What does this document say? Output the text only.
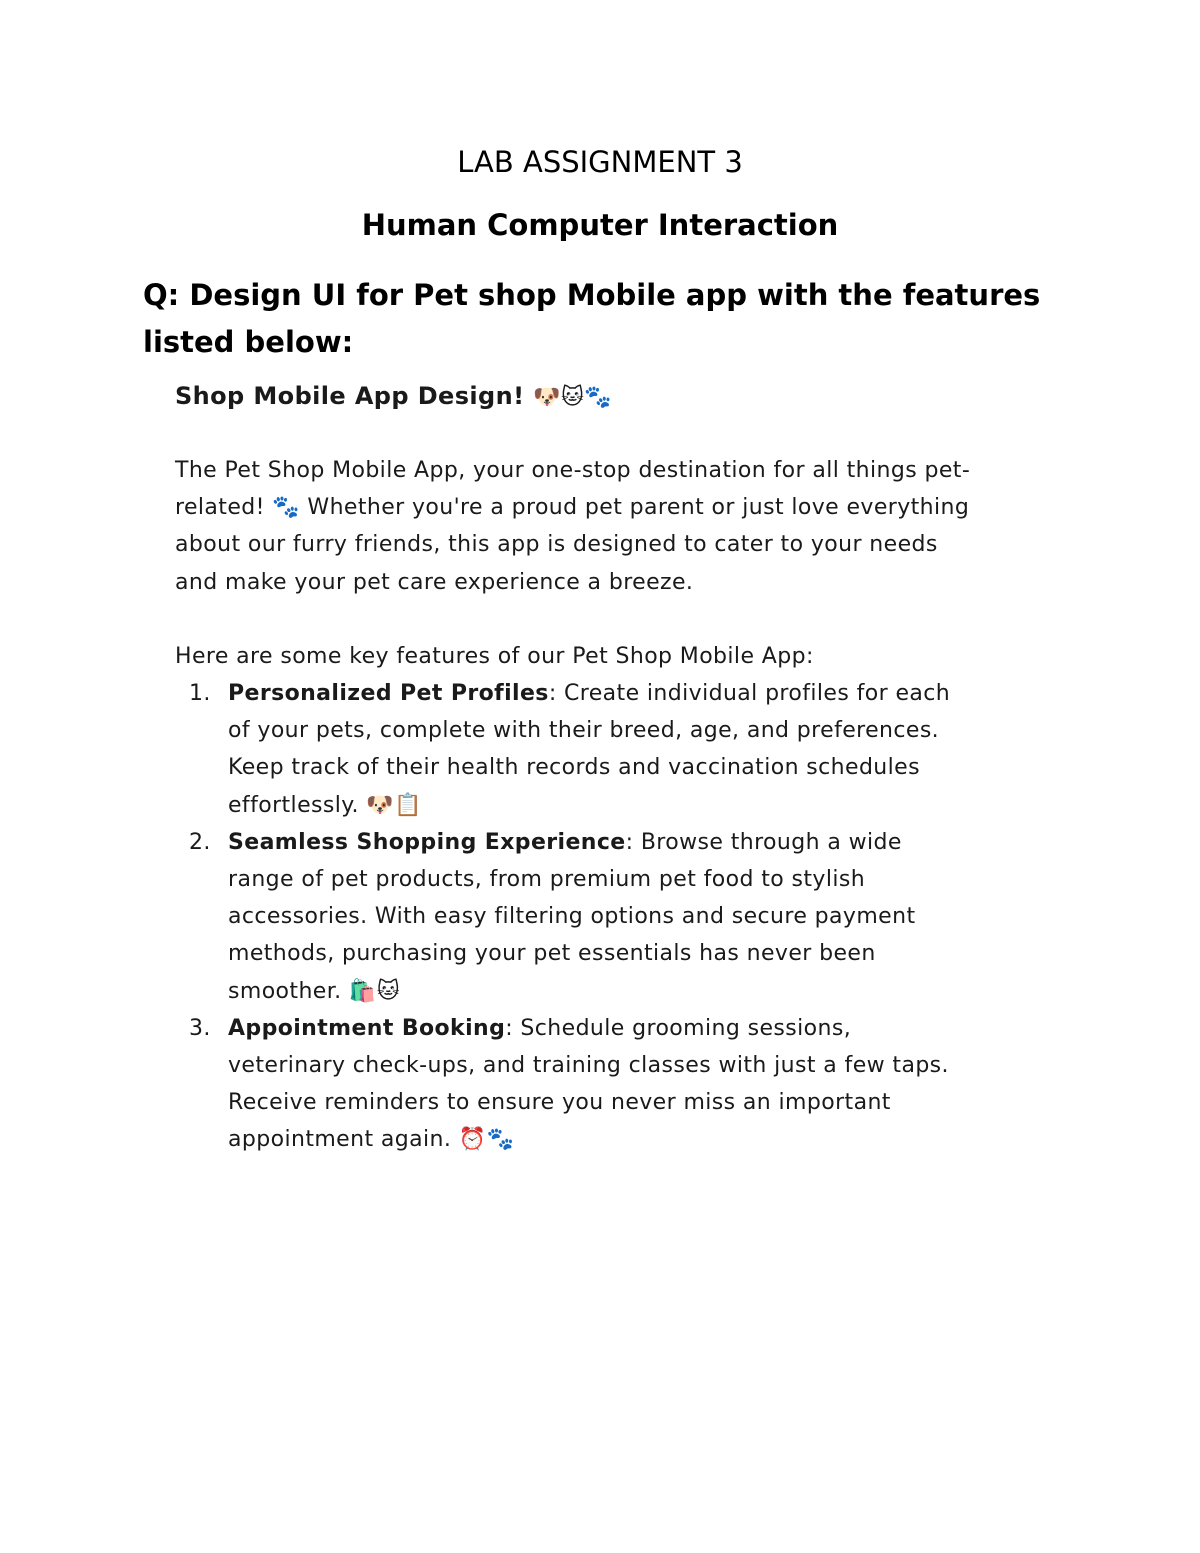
LAB ASSIGNMENT 3
Human Computer Interaction
Q: Design UI for Pet shop Mobile app with the features listed below:

Shop Mobile App Design! 🐶🐱🐾

The Pet Shop Mobile App, your one-stop destination for all things pet-related! 🐾 Whether you're a proud pet parent or just love everything about our furry friends, this app is designed to cater to your needs and make your pet care experience a breeze.

Here are some key features of our Pet Shop Mobile App:

1. Personalized Pet Profiles: Create individual profiles for each of your pets, complete with their breed, age, and preferences. Keep track of their health records and vaccination schedules effortlessly. 🐶📋
2. Seamless Shopping Experience: Browse through a wide range of pet products, from premium pet food to stylish accessories. With easy filtering options and secure payment methods, purchasing your pet essentials has never been smoother. 🛍️🐱
3. Appointment Booking: Schedule grooming sessions, veterinary check-ups, and training classes with just a few taps. Receive reminders to ensure you never miss an important appointment again. ⏰🐾
